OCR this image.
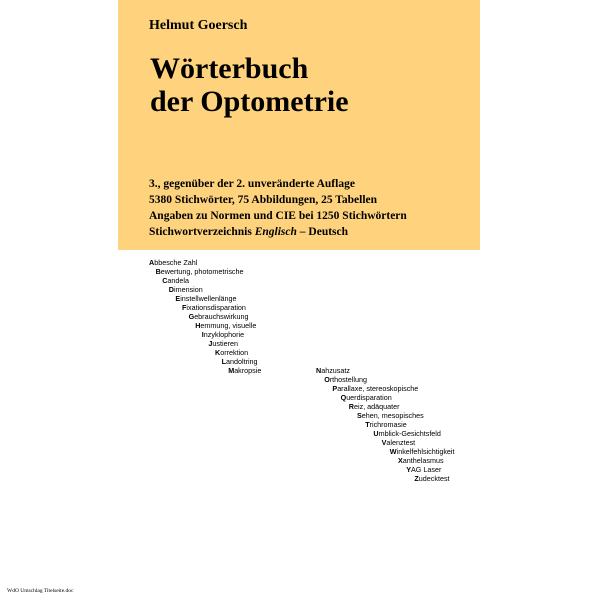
Helmut Goersch
Wörterbuch
der Optometrie
3., gegenüber der 2. unveränderte Auflage
5380 Stichwörter, 75 Abbildungen, 25 Tabellen
Angaben zu Normen und CIE bei 1250 Stichwörtern
Stichwortverzeichnis Englisch – Deutsch
Abbesche Zahl
Bewertung, photometrische
Candela
Dimension
Einstellwellenlänge
Fixationsdisparation
Gebrauchswirkung
Hemmung, visuelle
Inzyklophorie
Justieren
Korrektion
Landoltring
Makropsie	Nahzusatz
Orthostellung
Parallaxe, stereoskopische
Querdisparation
Reiz, adäquater
Sehen, mesopisches
Trichromasie
Umblick-Gesichtsfeld
Valenztest
Winkelfehlsichtigkeit
Xanthelasmus
YAG Laser
Zudecktest
WdO Umschlag Titelseite.doc
